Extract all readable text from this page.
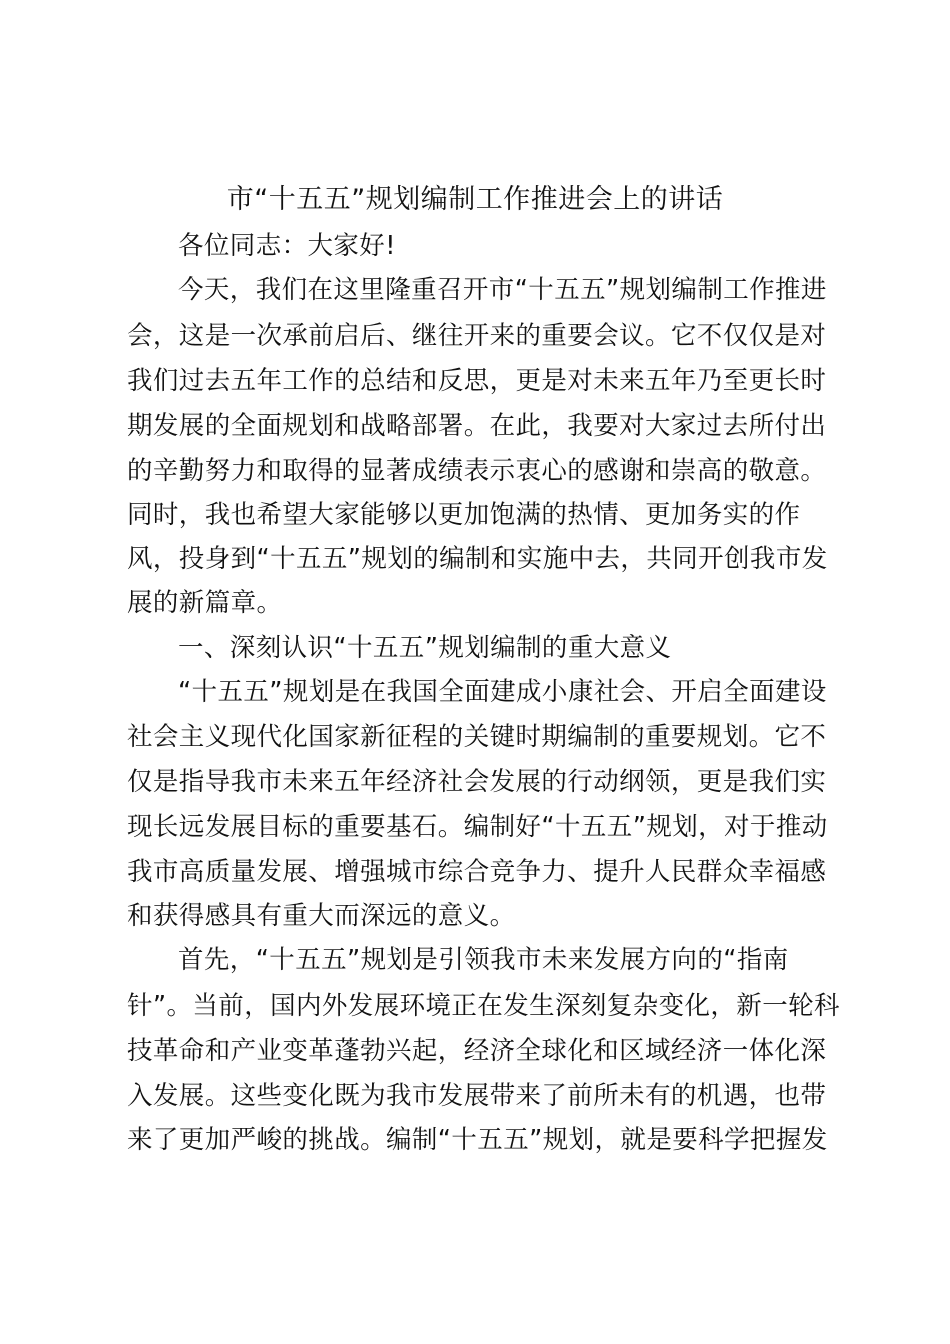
市“十五五”规划编制工作推进会上的讲话
各位同志：大家好!
今天，我们在这里隆重召开市“十五五”规划编制工作推进
会，这是一次承前启后、继往开来的重要会议。它不仅仅是对
我们过去五年工作的总结和反思，更是对未来五年乃至更长时
期发展的全面规划和战略部署。在此，我要对大家过去所付出
的辛勤努力和取得的显著成绩表示衷心的感谢和崇高的敬意。
同时，我也希望大家能够以更加饱满的热情、更加务实的作
风，投身到“十五五”规划的编制和实施中去，共同开创我市发
展的新篇章。
一、深刻认识“十五五”规划编制的重大意义
“十五五”规划是在我国全面建成小康社会、开启全面建设
社会主义现代化国家新征程的关键时期编制的重要规划。它不
仅是指导我市未来五年经济社会发展的行动纲领，更是我们实
现长远发展目标的重要基石。编制好“十五五”规划，对于推动
我市高质量发展、增强城市综合竞争力、提升人民群众幸福感
和获得感具有重大而深远的意义。
首先，“十五五”规划是引领我市未来发展方向的“指南
针”。当前，国内外发展环境正在发生深刻复杂变化，新一轮科
技革命和产业变革蓬勃兴起，经济全球化和区域经济一体化深
入发展。这些变化既为我市发展带来了前所未有的机遇，也带
来了更加严峻的挑战。编制“十五五”规划，就是要科学把握发
